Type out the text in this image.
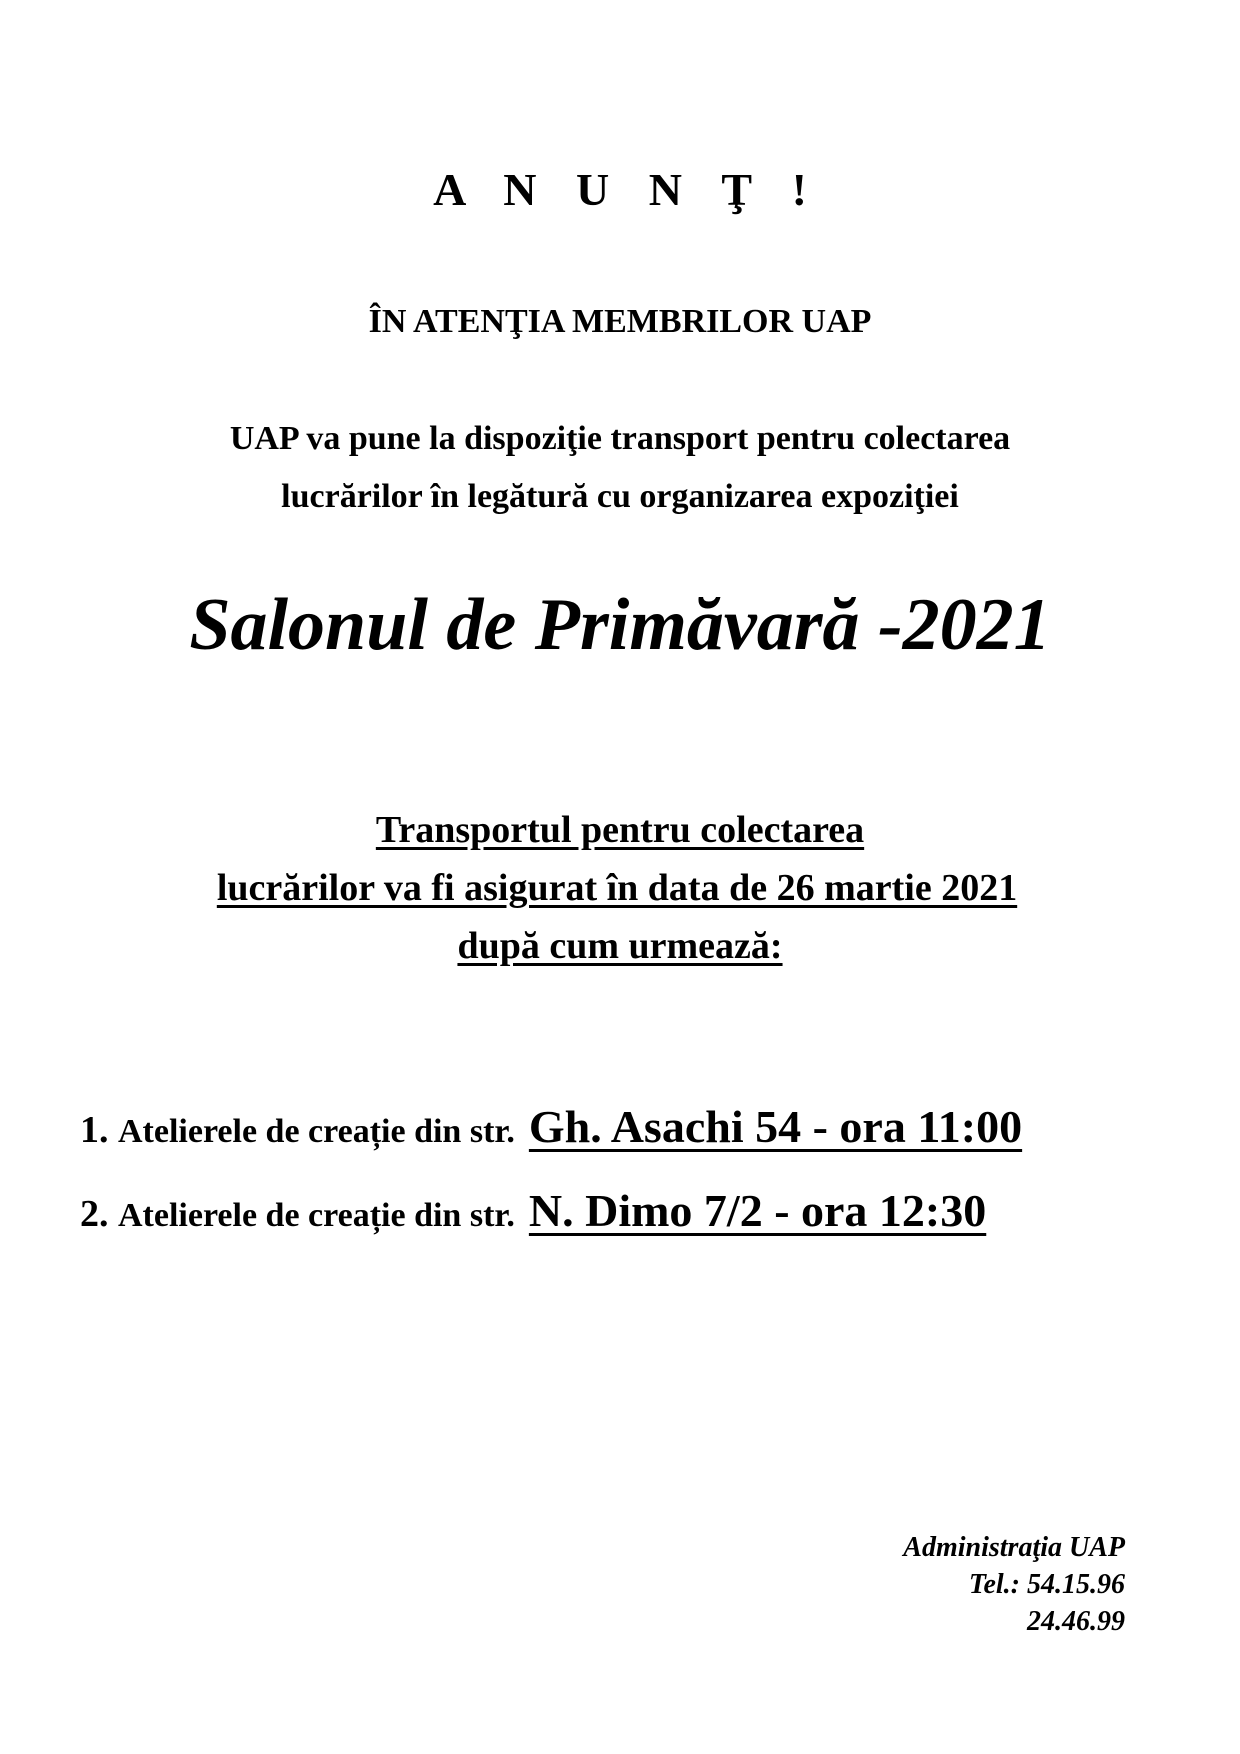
A N U N Ţ !
ÎN ATENŢIA MEMBRILOR UAP
UAP va pune la dispoziţie transport pentru colectarea
lucrărilor în legătură cu organizarea expoziţiei
Salonul de Primăvară -2021
Transportul pentru colectarea
lucrărilor va fi asigurat în data de 26 martie 2021
după cum urmează:
1. Atelierele de creație din str. Gh. Asachi 54 - ora 11:00
2. Atelierele de creație din str. N. Dimo 7/2 - ora 12:30
Administraţia UAP
Tel.: 54.15.96
24.46.99
